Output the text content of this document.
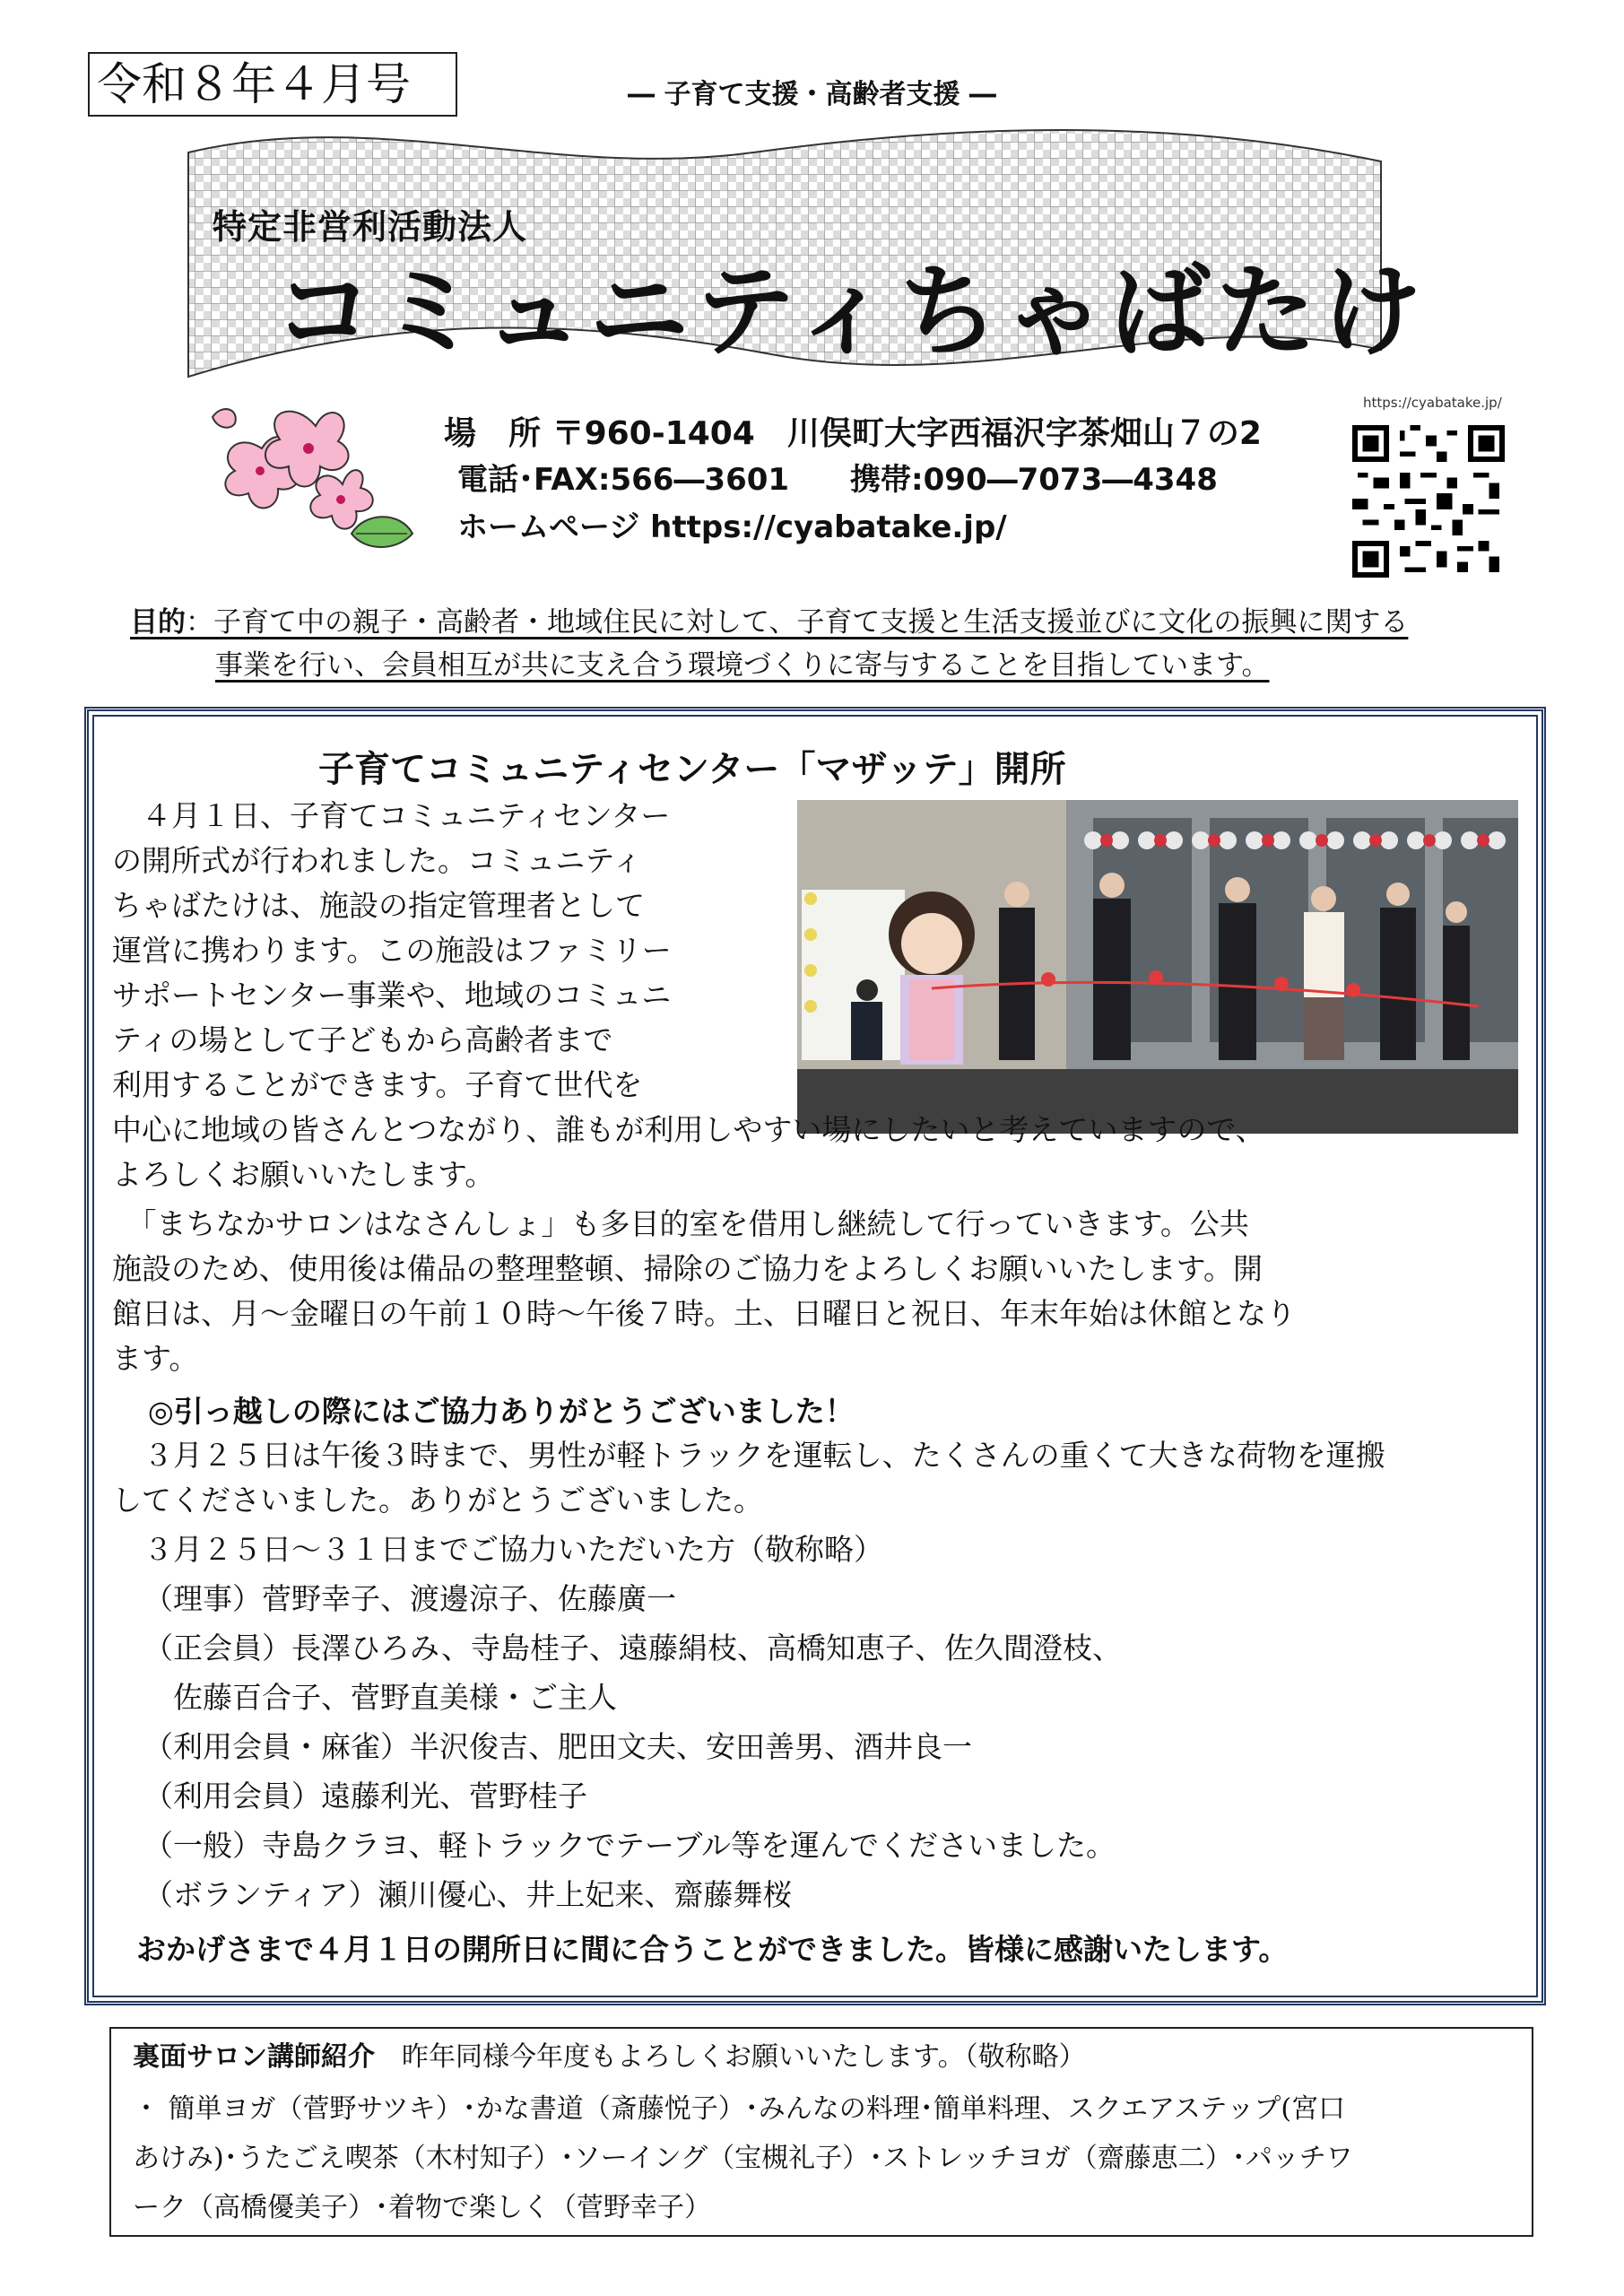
令和８年４月号	― 子育て支援・高齢者支援 ―
特定非営利活動法人
コミュニティちゃばたけ
場　所 〒960-1404　川俣町大字西福沢字茶畑山７の2
電話･FAX:566―3601　　携帯:090―7073―4348
ホームページ https://cyabatake.jp/
https://cyabatake.jp/
目的：子育て中の親子・高齢者・地域住民に対して、子育て支援と生活支援並びに文化の振興に関する
事業を行い、会員相互が共に支え合う環境づくりに寄与することを目指しています。
子育てコミュニティセンター「マザッテ」開所
　４月１日、子育てコミュニティセンター
の開所式が行われました。コミュニティ
ちゃばたけは、施設の指定管理者として
運営に携わります。この施設はファミリー
サポートセンター事業や、地域のコミュニ
ティの場として子どもから高齢者まで
利用することができます。子育て世代を
中心に地域の皆さんとつながり、誰もが利用しやすい場にしたいと考えていますので、
よろしくお願いいたします。
　「まちなかサロンはなさんしょ」も多目的室を借用し継続して行っていきます。公共
施設のため、使用後は備品の整理整頓、掃除のご協力をよろしくお願いいたします。開
館日は、月～金曜日の午前１０時～午後７時。土、日曜日と祝日、年末年始は休館となり
ます。
◎引っ越しの際にはご協力ありがとうございました！
３月２５日は午後３時まで、男性が軽トラックを運転し、たくさんの重くて大きな荷物を運搬
してくださいました。ありがとうございました。
３月２５日～３１日までご協力いただいた方（敬称略）
（理事）菅野幸子、渡邊涼子、佐藤廣一
（正会員）長澤ひろみ、寺島桂子、遠藤絹枝、高橋知恵子、佐久間澄枝、
　佐藤百合子、菅野直美様・ご主人
（利用会員・麻雀）半沢俊吉、肥田文夫、安田善男、酒井良一
（利用会員）遠藤利光、菅野桂子
（一般）寺島クラヨ、軽トラックでテーブル等を運んでくださいました。
（ボランティア）瀬川優心、井上妃来、齋藤舞桜
おかげさまで４月１日の開所日に間に合うことができました。皆様に感謝いたします。
裏面サロン講師紹介　昨年同様今年度もよろしくお願いいたします。（敬称略）
・ 簡単ヨガ（菅野サツキ）･かな書道（斎藤悦子）･みんなの料理･簡単料理、スクエアステップ(宮口
あけみ)･うたごえ喫茶（木村知子）･ソーイング（宝槻礼子）･ストレッチヨガ（齋藤恵二）･パッチワ
ーク（高橋優美子）･着物で楽しく（菅野幸子）
